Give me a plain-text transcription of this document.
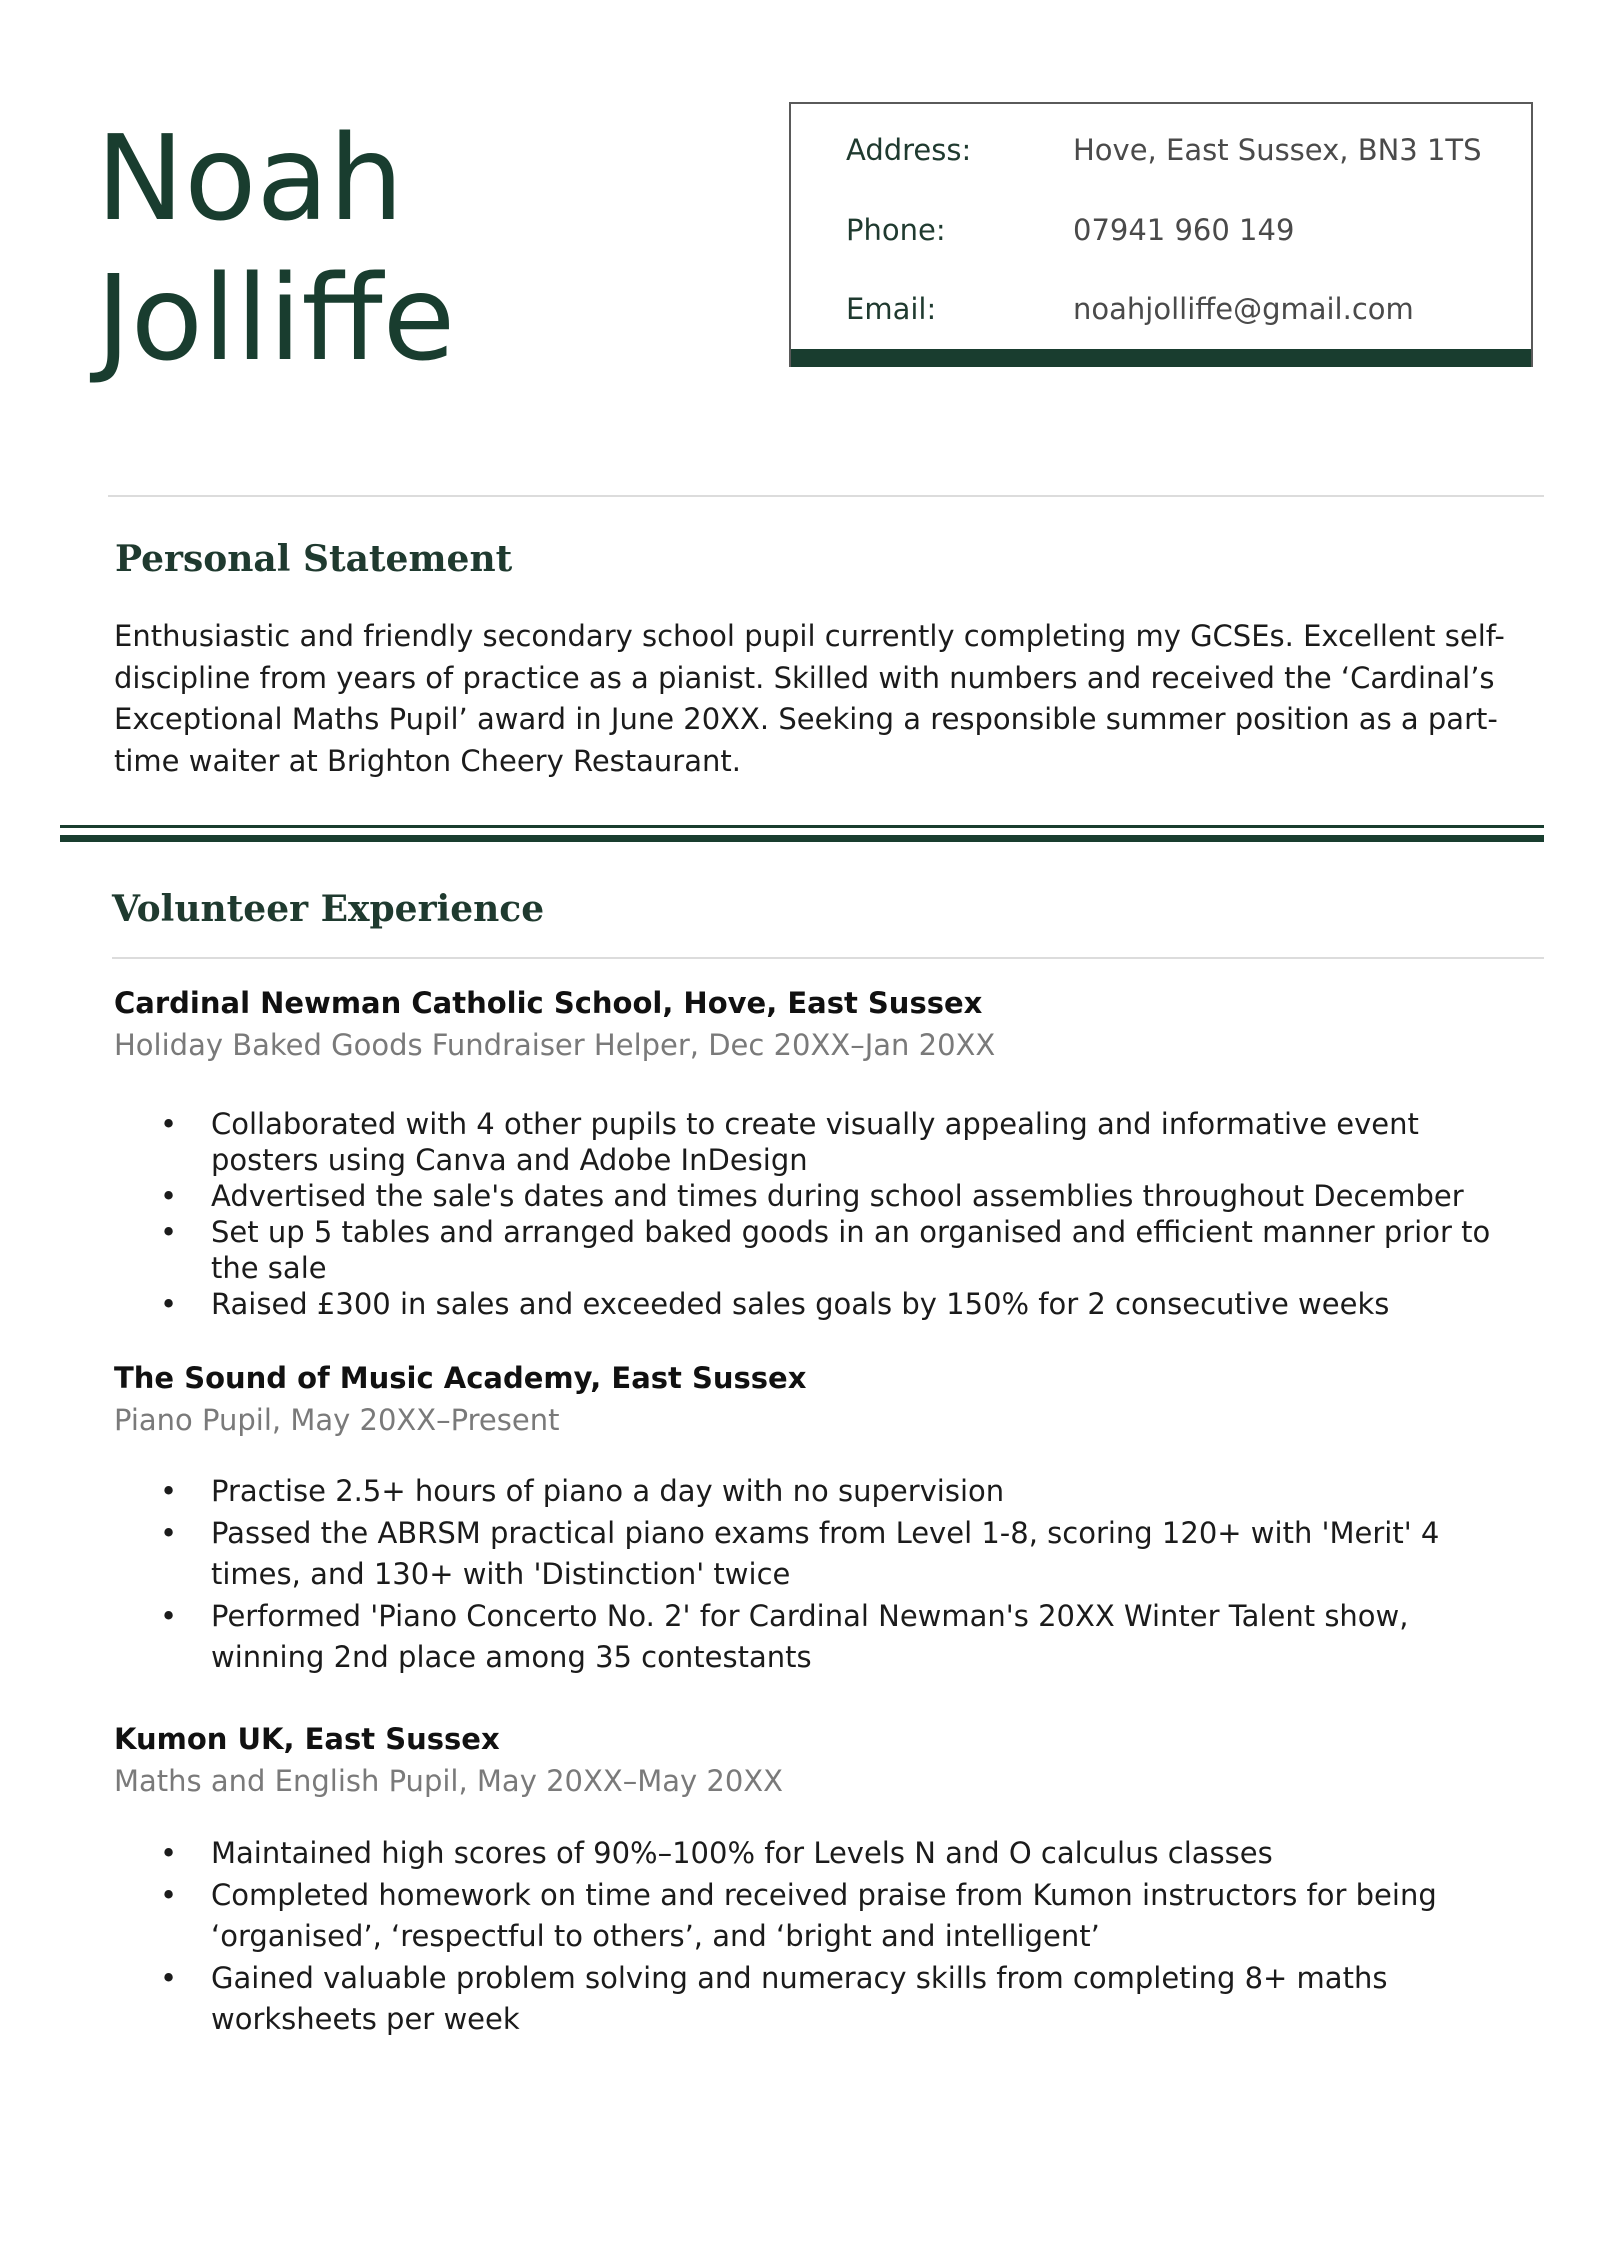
Noah
Jolliffe
Address:	Hove, East Sussex, BN3 1TS
Phone:	07941 960 149
Email:	noahjolliffe@gmail.com
Personal Statement

Enthusiastic and friendly secondary school pupil currently completing my GCSEs. Excellent self-discipline from years of practice as a pianist. Skilled with numbers and received the ‘Cardinal’s Exceptional Maths Pupil’ award in June 20XX. Seeking a responsible summer position as a part-time waiter at Brighton Cheery Restaurant.

Volunteer Experience

Cardinal Newman Catholic School, Hove, East Sussex

Holiday Baked Goods Fundraiser Helper, Dec 20XX–Jan 20XX

• Collaborated with 4 other pupils to create visually appealing and informative event posters using Canva and Adobe InDesign
• Advertised the sale's dates and times during school assemblies throughout December
• Set up 5 tables and arranged baked goods in an organised and efficient manner prior to the sale
• Raised £300 in sales and exceeded sales goals by 150% for 2 consecutive weeks

The Sound of Music Academy, East Sussex

Piano Pupil, May 20XX–Present

• Practise 2.5+ hours of piano a day with no supervision
• Passed the ABRSM practical piano exams from Level 1-8, scoring 120+ with 'Merit' 4 times, and 130+ with 'Distinction' twice
• Performed 'Piano Concerto No. 2' for Cardinal Newman's 20XX Winter Talent show, winning 2nd place among 35 contestants

Kumon UK, East Sussex

Maths and English Pupil, May 20XX–May 20XX

• Maintained high scores of 90%–100% for Levels N and O calculus classes
• Completed homework on time and received praise from Kumon instructors for being ‘organised’, ‘respectful to others’, and ‘bright and intelligent’
• Gained valuable problem solving and numeracy skills from completing 8+ maths worksheets per week
